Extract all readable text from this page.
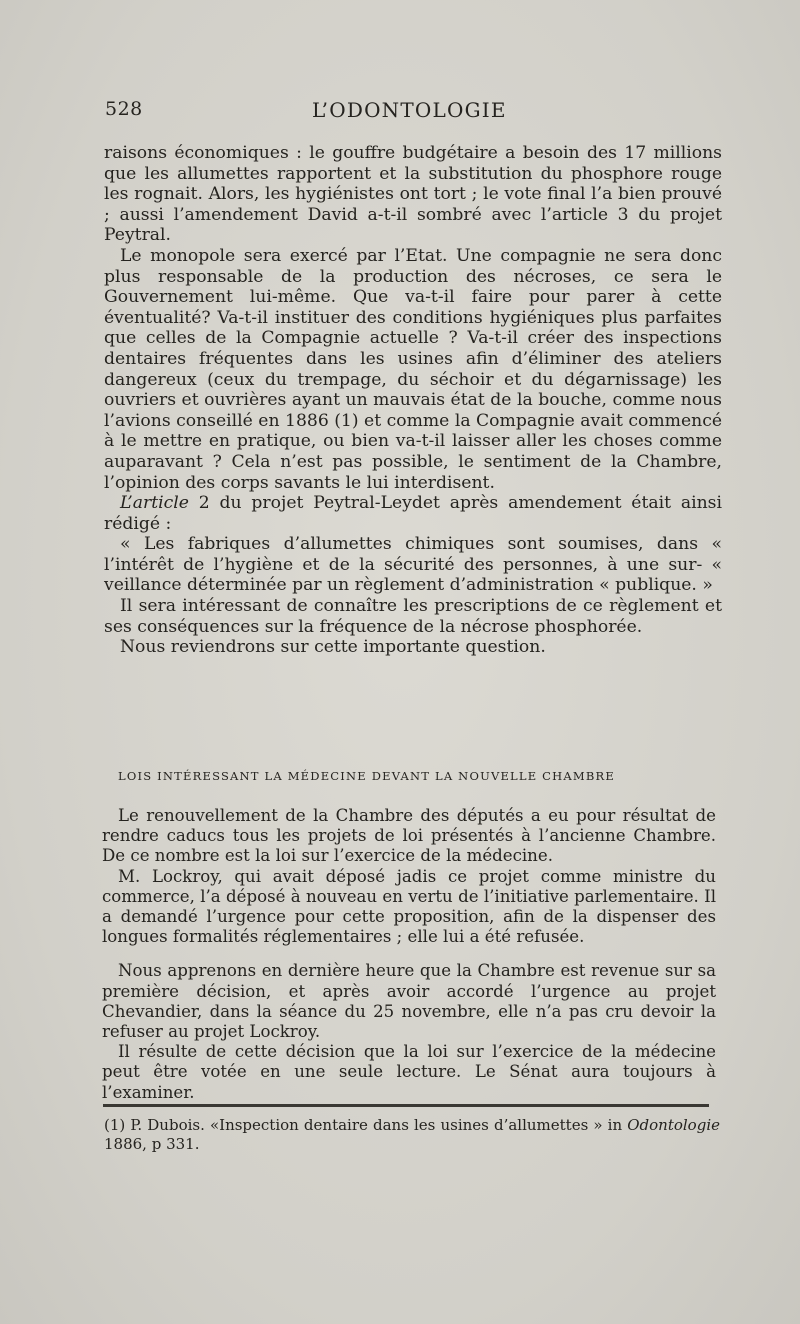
528	L’ODONTOLOGIE

raisons économiques : le gouffre budgétaire a besoin des 17 millions que les allumettes rapportent et la substitution du phosphore rouge les rognait. Alors, les hygiénistes ont tort ; le vote final l’a bien prouvé ; aussi l’amendement David a-t-il sombré avec l’article 3 du projet Peytral.

Le monopole sera exercé par l’Etat. Une compagnie ne sera donc plus responsable de la production des nécroses, ce sera le Gouvernement lui-même. Que va-t-il faire pour parer à cette éventualité? Va-t-il instituer des conditions hygiéniques plus parfaites que celles de la Compagnie actuelle ? Va-t-il créer des inspections dentaires fréquentes dans les usines afin d’éliminer des ateliers dangereux (ceux du trempage, du séchoir et du dégarnissage) les ouvriers et ouvrières ayant un mauvais état de la bouche, comme nous l’avions conseillé en 1886 (1) et comme la Compagnie avait commencé à le mettre en pratique, ou bien va-t-il laisser aller les choses comme auparavant ? Cela n’est pas possible, le sentiment de la Chambre, l’opinion des corps savants le lui interdisent.

L’article 2 du projet Peytral-Leydet après amendement était ainsi rédigé :

« Les fabriques d’allumettes chimiques sont soumises, dans « l’intérêt de l’hygiène et de la sécurité des personnes, à une sur- « veillance déterminée par un règlement d’administration « publique. »

Il sera intéressant de connaître les prescriptions de ce règlement et ses conséquences sur la fréquence de la nécrose phosphorée.

Nous reviendrons sur cette importante question.

LOIS INTÉRESSANT LA MÉDECINE DEVANT LA NOUVELLE CHAMBRE

Le renouvellement de la Chambre des députés a eu pour résultat de rendre caducs tous les projets de loi présentés à l’ancienne Chambre. De ce nombre est la loi sur l’exercice de la médecine.

M. Lockroy, qui avait déposé jadis ce projet comme ministre du commerce, l’a déposé à nouveau en vertu de l’initiative parlementaire. Il a demandé l’urgence pour cette proposition, afin de la dispenser des longues formalités réglementaires ; elle lui a été refusée.

Nous apprenons en dernière heure que la Chambre est revenue sur sa première décision, et après avoir accordé l’urgence au projet Chevandier, dans la séance du 25 novembre, elle n’a pas cru devoir la refuser au projet Lockroy.

Il résulte de cette décision que la loi sur l’exercice de la médecine peut être votée en une seule lecture. Le Sénat aura toujours à l’examiner.

(1) P. Dubois. «Inspection dentaire dans les usines d’allumettes » in Odontologie 1886, p 331.
